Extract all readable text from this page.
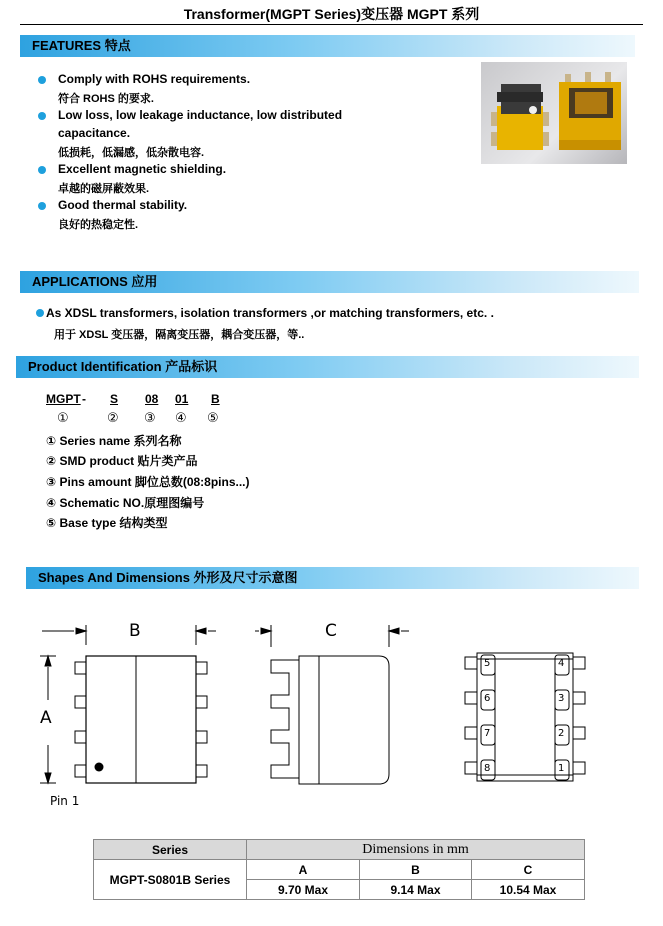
Transformer(MGPT Series)变压器 MGPT 系列
FEATURES 特点
Comply with ROHS requirements.
符合 ROHS 的要求.
Low loss, low leakage inductance, low distributed
capacitance.
低损耗，低漏感，低杂散电容.
Excellent magnetic shielding.
卓越的磁屏蔽效果.
Good thermal stability.
良好的热稳定性.
APPLICATIONS 应用
As XDSL transformers, isolation transformers ,or matching transformers, etc. .
用于 XDSL 变压器，隔离变压器，耦合变压器，等..
Product Identification 产品标识
MGPT - S 08 01 B
①	② ③ ④ ⑤
① Series name 系列名称
② SMD product 贴片类产品
③ Pins amount 脚位总数(08:8pins...)
④ Schematic NO.原理图编号
⑤ Base type 结构类型
Shapes And Dimensions 外形及尺寸示意图
B
A
Pin 1
C
5
6
7
8
4
3
2
1
Series	Dimensions in mm		
MGPT-S0801B Series	A	B	C
	9.70 Max	9.14 Max	10.54 Max
